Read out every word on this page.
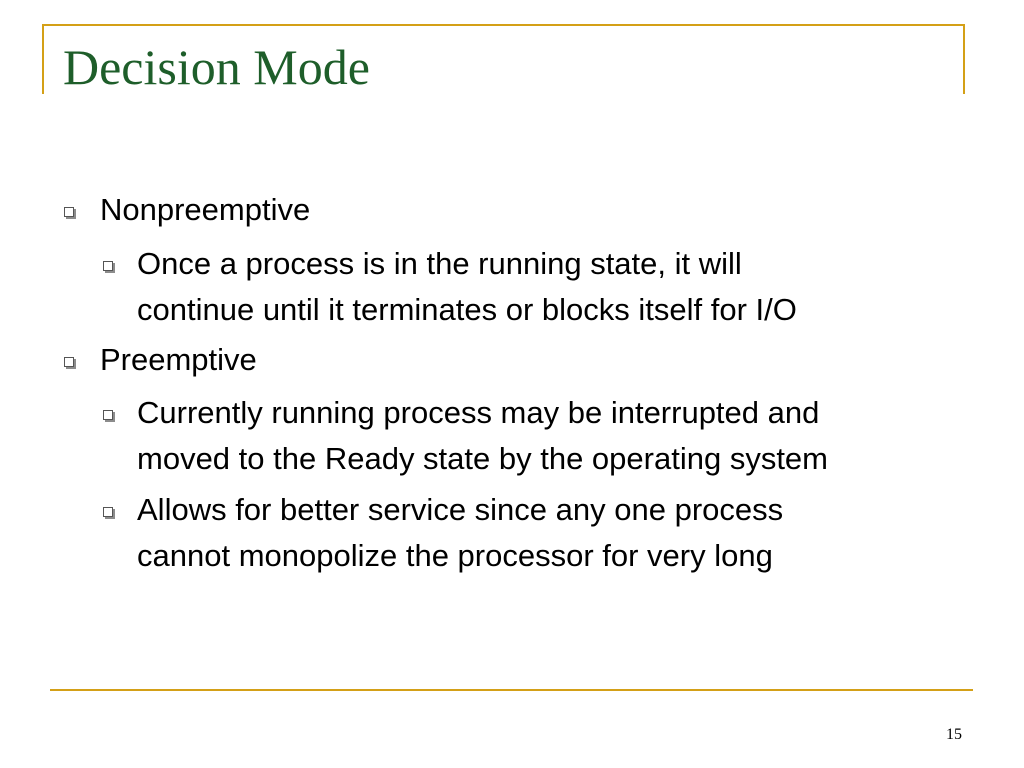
Decision Mode
Nonpreemptive
Once a process is in the running state, it will
continue until it terminates or blocks itself for I/O
Preemptive
Currently running process may be interrupted and
moved to the Ready state by the operating system
Allows for better service since any one process
cannot monopolize the processor for very long
15
